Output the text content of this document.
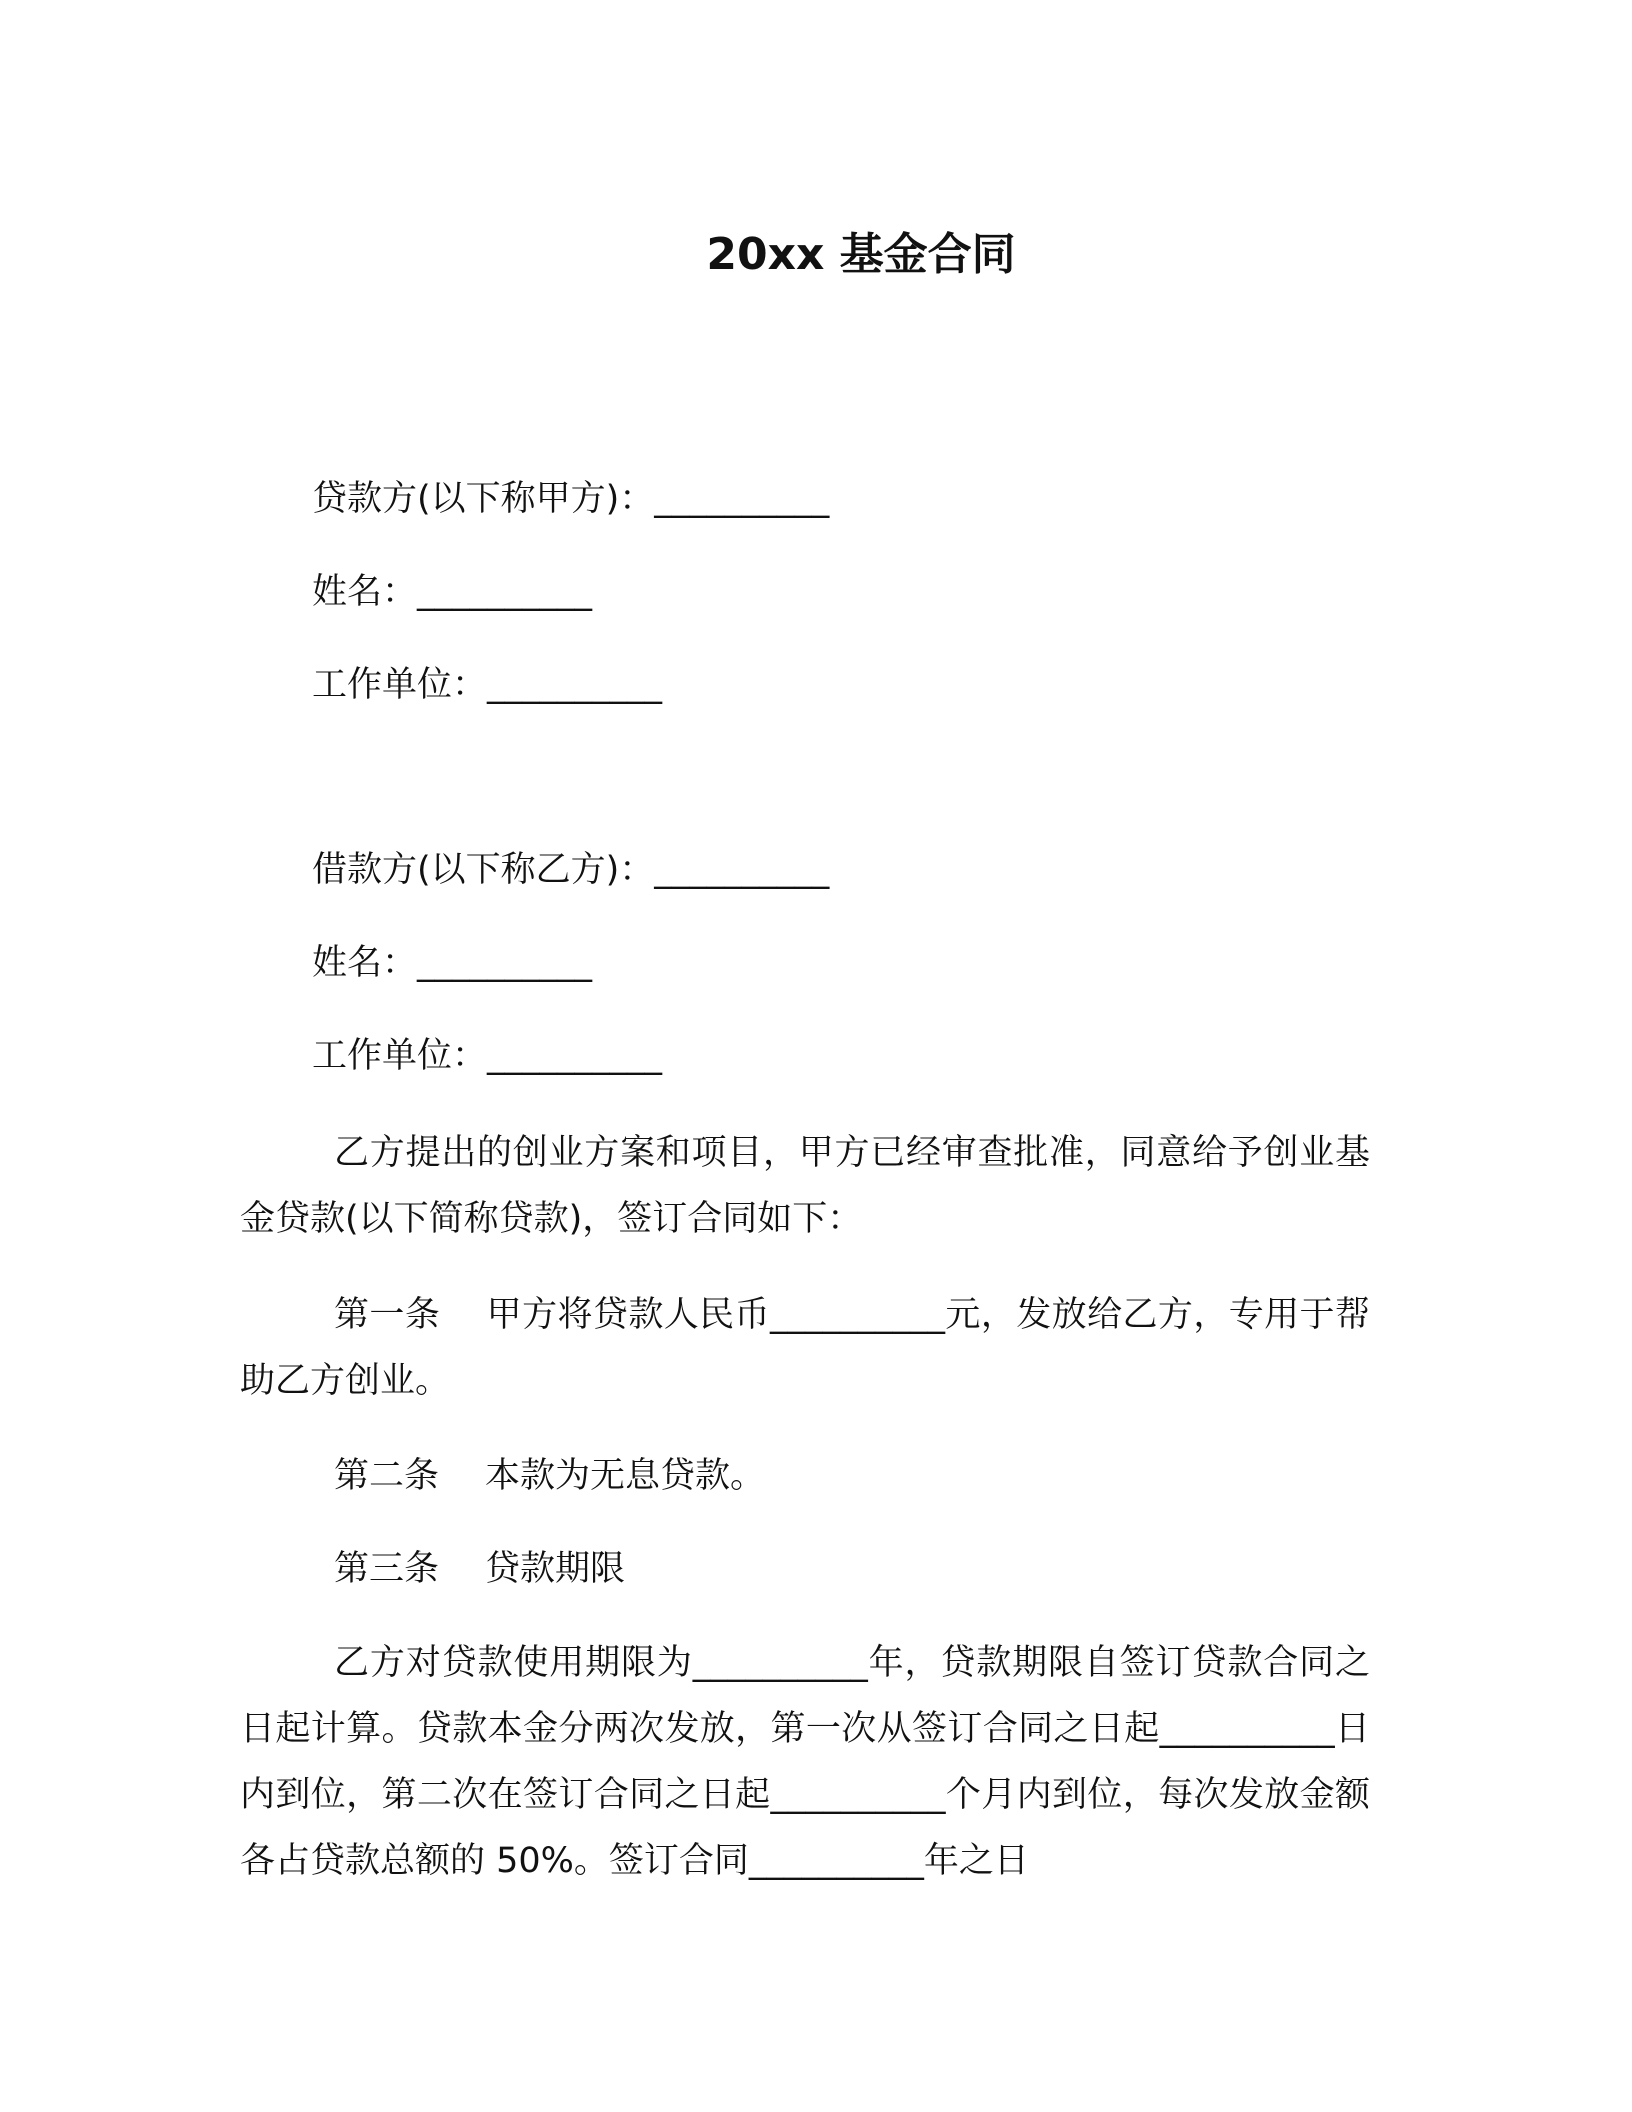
20xx 基金合同

贷款方(以下称甲方)：__________

姓名：__________

工作单位：__________

借款方(以下称乙方)：__________

姓名：__________

工作单位：__________

乙方提出的创业方案和项目，甲方已经审查批准，同意给予创业基金贷款(以下简称贷款)，签订合同如下：

第一条 甲方将贷款人民币__________元，发放给乙方，专用于帮助乙方创业。

第二条 本款为无息贷款。

第三条 贷款期限

乙方对贷款使用期限为__________年，贷款期限自签订贷款合同之日起计算。贷款本金分两次发放，第一次从签订合同之日起__________日内到位，第二次在签订合同之日起__________个月内到位，每次发放金额各占贷款总额的 50%。签订合同__________年之日
